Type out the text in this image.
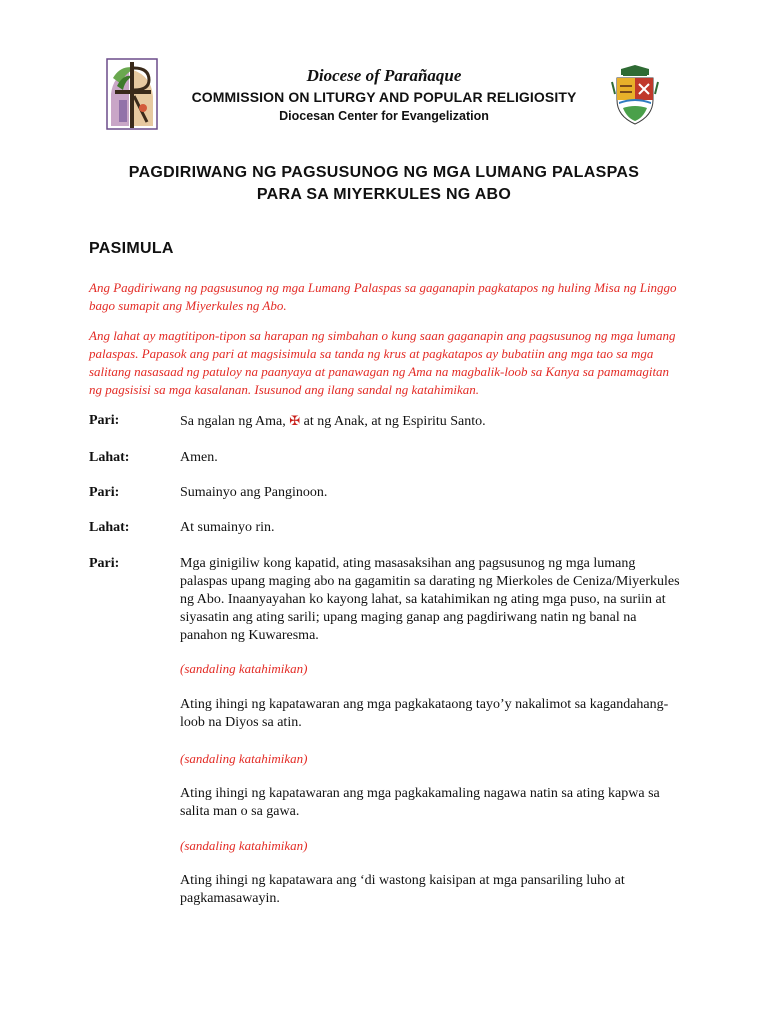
Diocese of Parañaque
COMMISSION ON LITURGY AND POPULAR RELIGIOSITY
Diocesan Center for Evangelization
PAGDIRIWANG NG PAGSUSUNOG NG MGA LUMANG PALASPAS
PARA SA MIYERKULES NG ABO
PASIMULA

Ang Pagdiriwang ng pagsusunog ng mga Lumang Palaspas sa gaganapin pagkatapos ng huling Misa ng Linggo bago sumapit ang Miyerkules ng Abo.

Ang lahat ay magtitipon-tipon sa harapan ng simbahan o kung saan gaganapin ang pagsusunog ng mga lumang palaspas. Papasok ang pari at magsisimula sa tanda ng krus at pagkatapos ay bubatiin ang mga tao sa mga salitang nasasaad ng patuloy na paanyaya at panawagan ng Ama na magbalik-loob sa Kanya sa pamamagitan ng pagsisisi sa mga kasalanan. Isusunod ang ilang sandal ng katahimikan.

Pari:	Sa ngalan ng Ama, ✠ at ng Anak, at ng Espiritu Santo.

Lahat:	Amen.

Pari:	Sumainyo ang Panginoon.

Lahat:	At sumainyo rin.

Pari:	Mga ginigiliw kong kapatid, ating masasaksihan ang pagsusunog ng mga lumang palaspas upang maging abo na gagamitin sa darating ng Mierkoles de Ceniza/Miyerkules ng Abo. Inaanyayahan ko kayong lahat, sa katahimikan ng ating mga puso, na suriin at siyasatin ang ating sarili; upang maging ganap ang pagdiriwang natin ng banal na panahon ng Kuwaresma.

(sandaling katahimikan)

Ating ihingi ng kapatawaran ang mga pagkakataong tayo’y nakalimot sa kagandahang-loob na Diyos sa atin.

(sandaling katahimikan)

Ating ihingi ng kapatawaran ang mga pagkakamaling nagawa natin sa ating kapwa sa salita man o sa gawa.

(sandaling katahimikan)

Ating ihingi ng kapatawara ang ‘di wastong kaisipan at mga pansariling luho at pagkamasawayin.
